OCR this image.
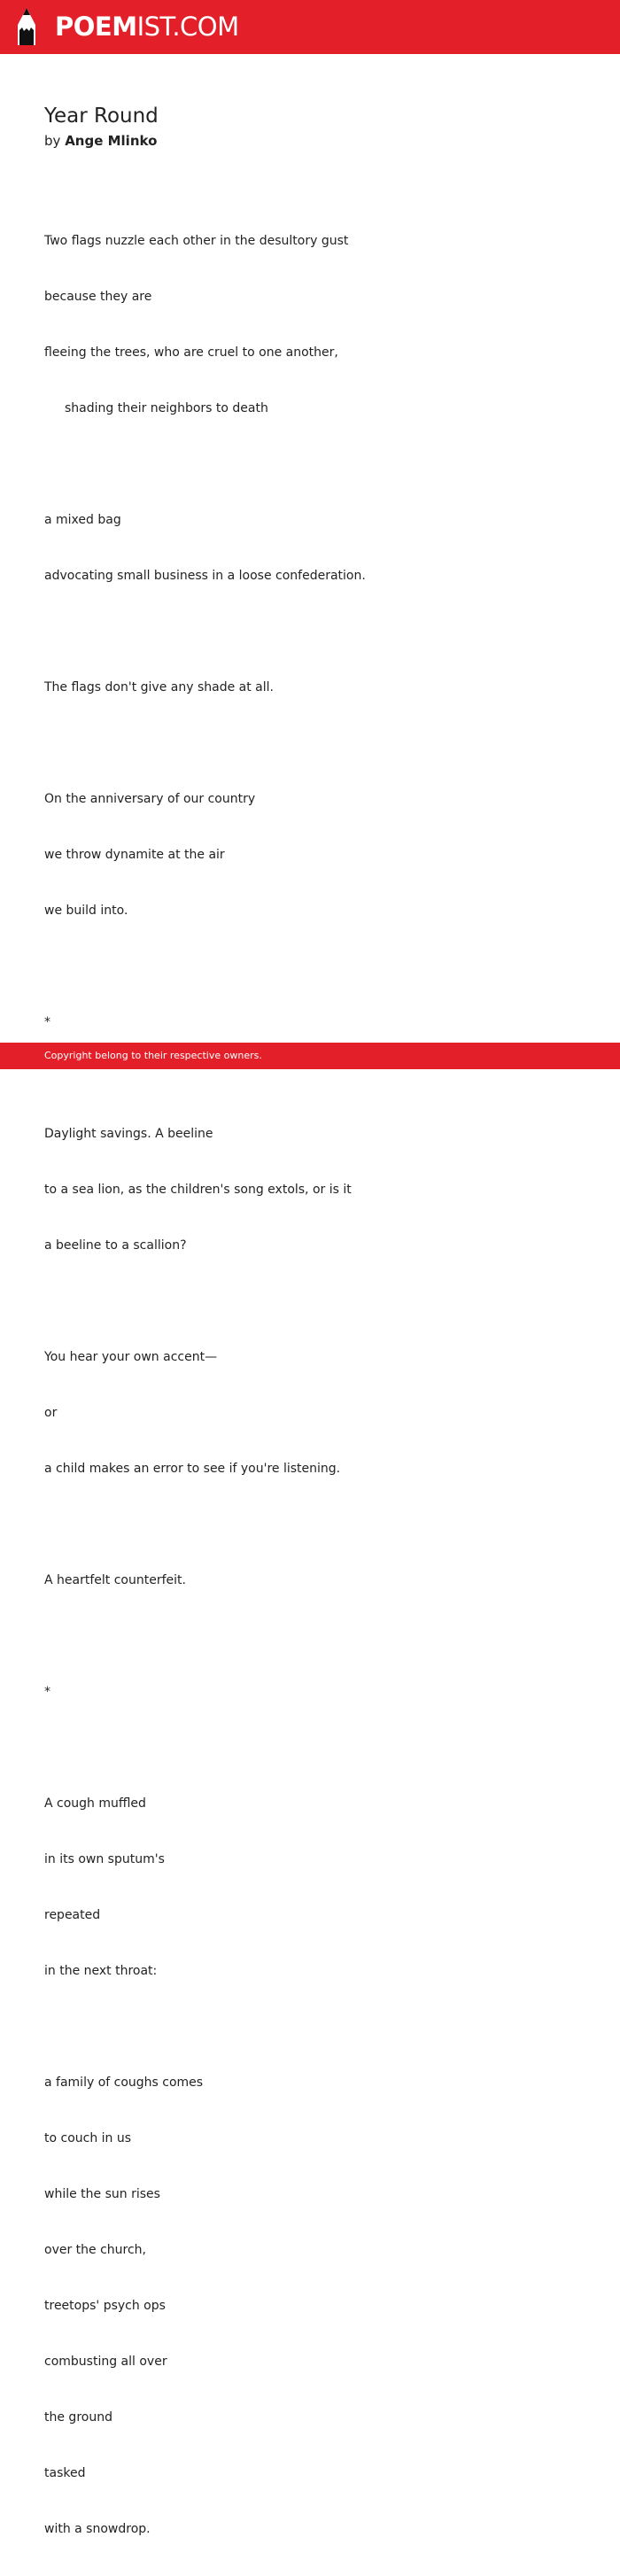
POEMIST.COM
Year Round

by Ange Mlinko

Two flags nuzzle each other in the desultory gust

because they are

fleeing the trees, who are cruel to one another,

shading their neighbors to death

a mixed bag

advocating small business in a loose confederation.

The flags don't give any shade at all.

On the anniversary of our country

we throw dynamite at the air

we build into.

*

Daylight savings. A beeline

to a sea lion, as the children's song extols, or is it

a beeline to a scallion?

You hear your own accent—

or

a child makes an error to see if you're listening.

A heartfelt counterfeit.

*

A cough muffled

in its own sputum's

repeated

in the next throat:

a family of coughs comes

to couch in us

while the sun rises

over the church,

treetops' psych ops

combusting all over

the ground

tasked

with a snowdrop.

Copyright belong to their respective owners.
